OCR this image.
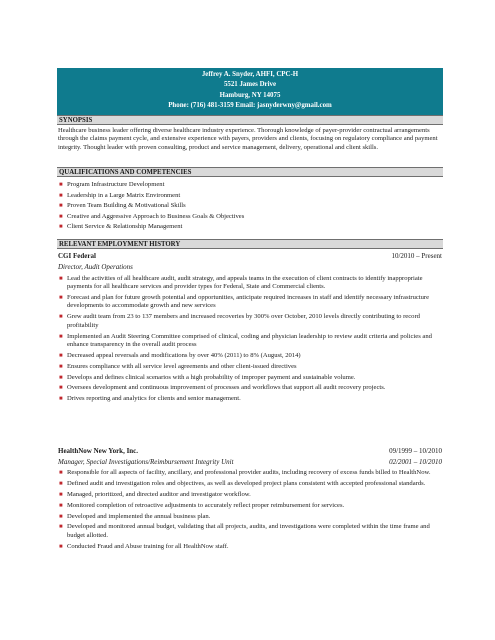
Jeffrey A. Snyder, AHFI, CPC-H
5521 James Drive
Hamburg, NY 14075
Phone: (716) 481-3159 Email: jasnyderwny@gmail.com
SYNOPSIS
Healthcare business leader offering diverse healthcare industry experience. Thorough knowledge of payer-provider contractual arrangements through the claims payment cycle, and extensive experience with payers, providers and clients, focusing on regulatory compliance and payment integrity. Thought leader with proven consulting, product and service management, delivery, operational and client skills.
QUALIFICATIONS AND COMPETENCIES
■ Program Infrastructure Development
■ Leadership in a Large Matrix Environment
■ Proven Team Building & Motivational Skills
■ Creative and Aggressive Approach to Business Goals & Objectives
■ Client Service & Relationship Management
RELEVANT EMPLOYMENT HISTORY
CGI Federal	10/2010 – Present
Director, Audit Operations
■ Lead the activities of all healthcare audit, audit strategy, and appeals teams in the execution of client contracts to identify inappropriate payments for all healthcare services and provider types for Federal, State and Commercial clients.
■ Forecast and plan for future growth potential and opportunities, anticipate required increases in staff and identify necessary infrastructure developments to accommodate growth and new services
■ Grew audit team from 23 to 137 members and increased recoveries by 300% over October, 2010 levels directly contributing to record profitability
■ Implemented an Audit Steering Committee comprised of clinical, coding and physician leadership to review audit criteria and policies and enhance transparency in the overall audit process
■ Decreased appeal reversals and modifications by over 40% (2011) to 8% (August, 2014)
■ Ensures compliance with all service level agreements and other client-issued directives
■ Develops and defines clinical scenarios with a high probability of improper payment and sustainable volume.
■ Oversees development and continuous improvement of processes and workflows that support all audit recovery projects.
■ Drives reporting and analytics for clients and senior management.
HealthNow New York, Inc.	09/1999 – 10/2010
Manager, Special Investigations/Reimbursement Integrity Unit	02/2001 – 10/2010
■ Responsible for all aspects of facility, ancillary, and professional provider audits, including recovery of excess funds billed to HealthNow.
■ Defined audit and investigation roles and objectives, as well as developed project plans consistent with accepted professional standards.
■ Managed, prioritized, and directed auditor and investigator workflow.
■ Monitored completion of retroactive adjustments to accurately reflect proper reimbursement for services.
■ Developed and implemented the annual business plan.
■ Developed and monitored annual budget, validating that all projects, audits, and investigations were completed within the time frame and budget allotted.
■ Conducted Fraud and Abuse training for all HealthNow staff.
